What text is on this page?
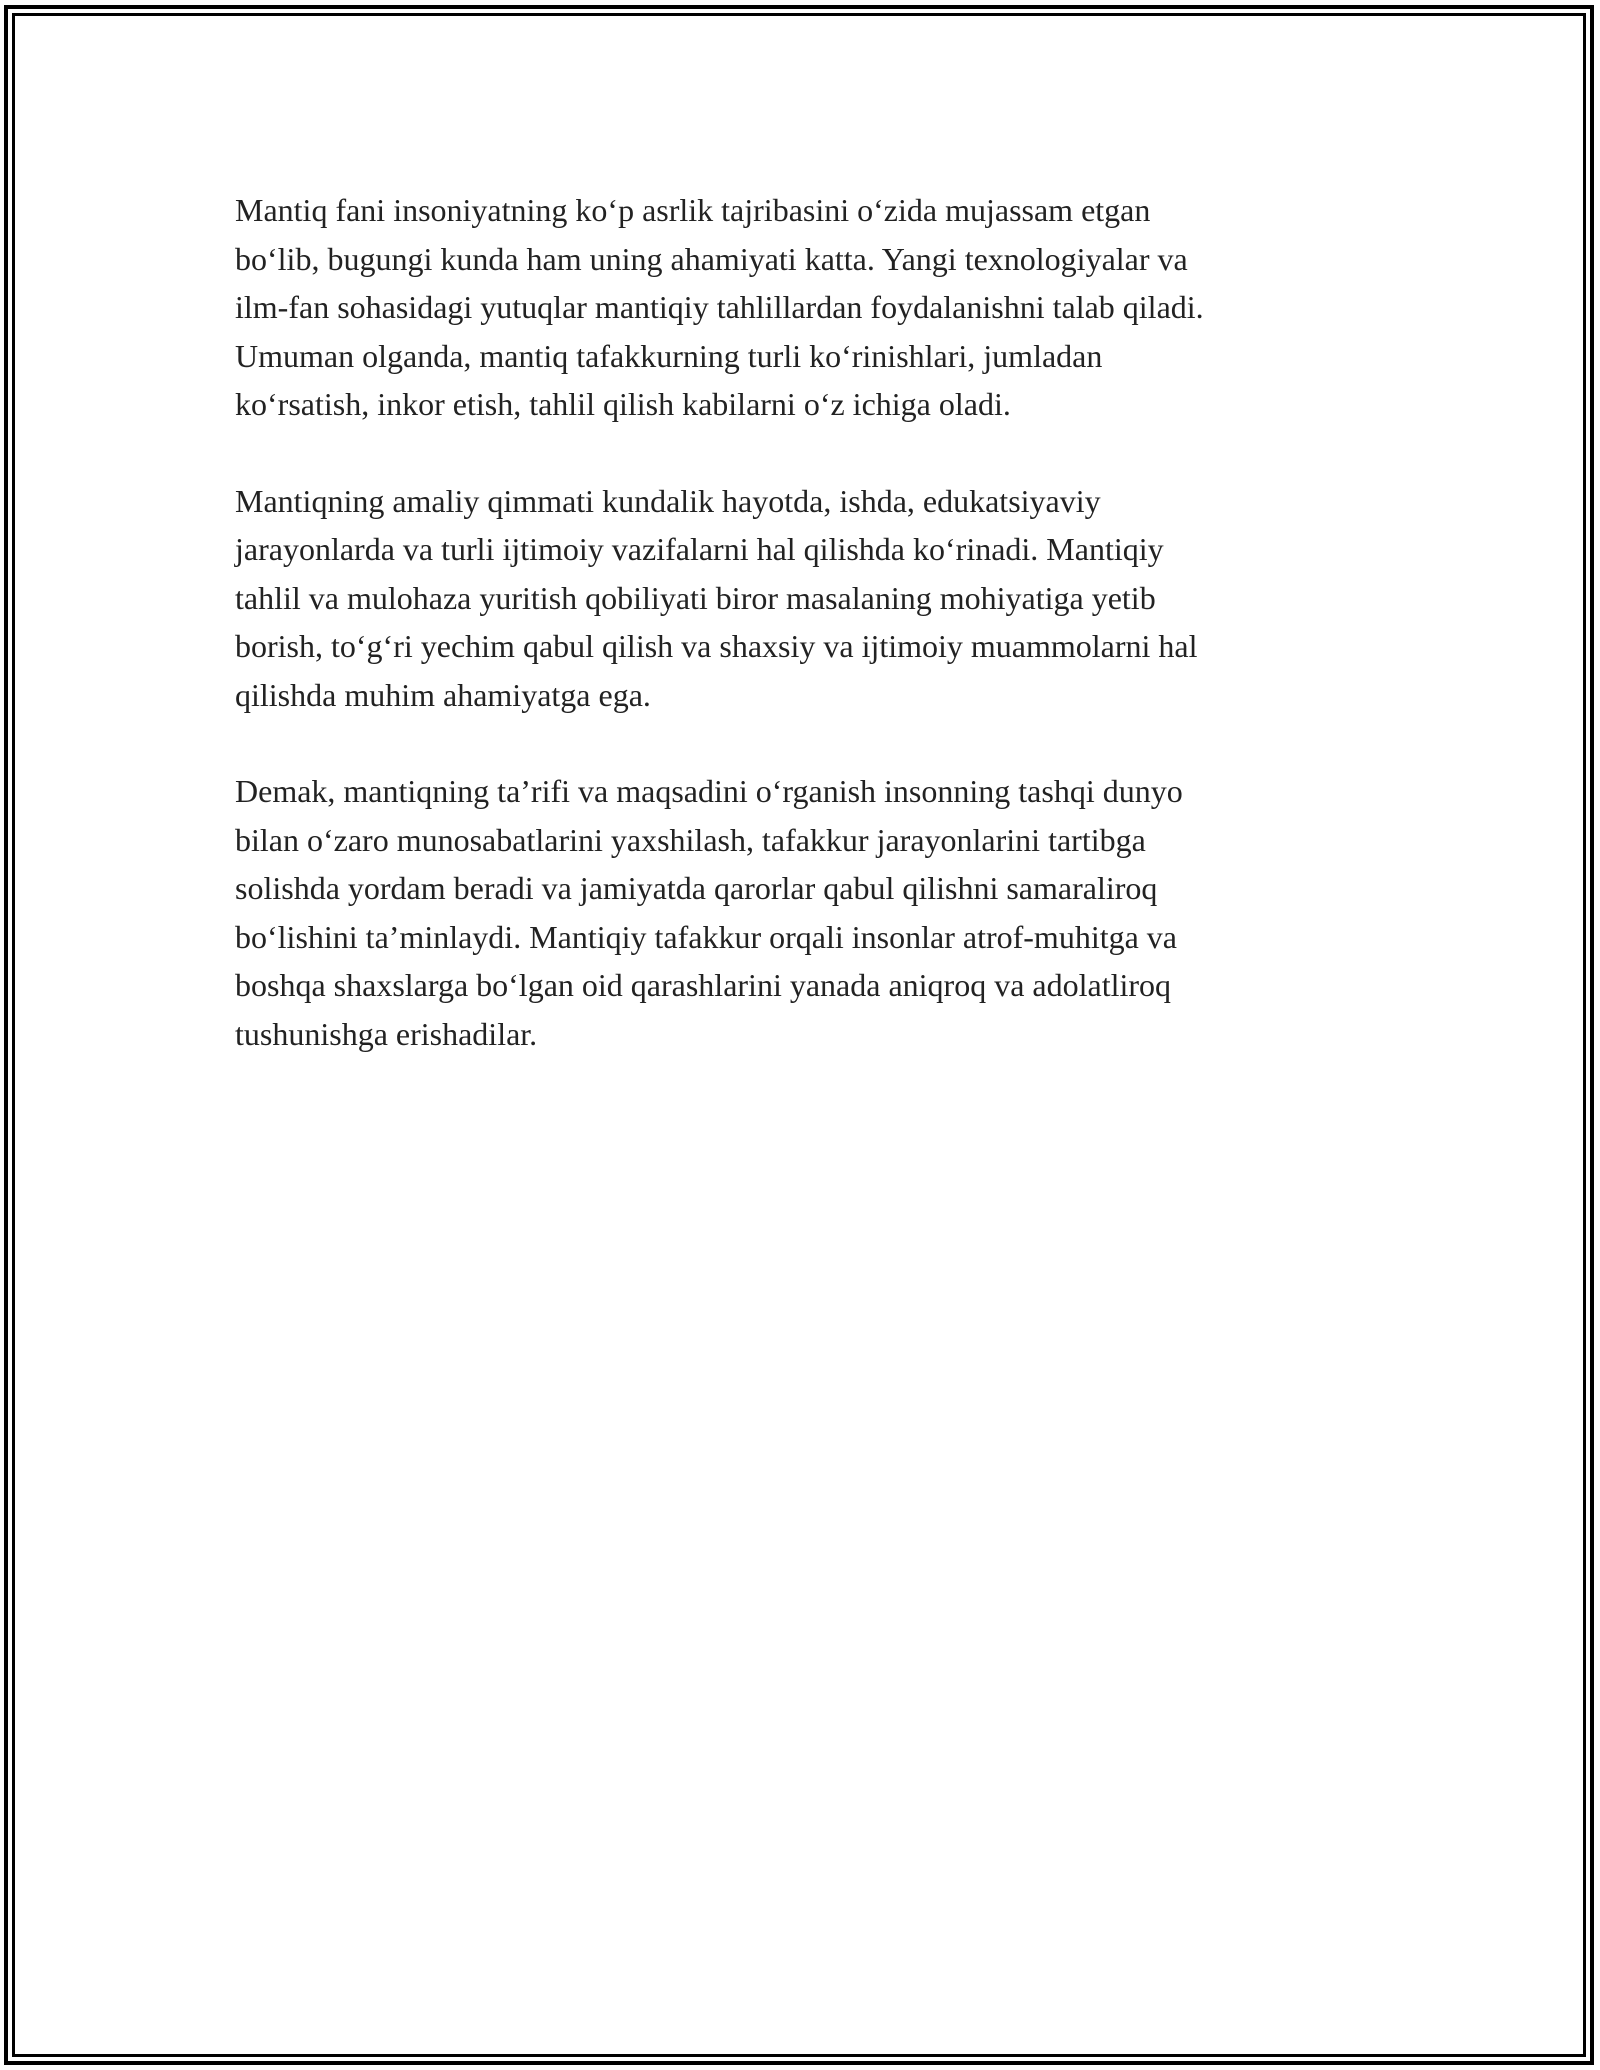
Mantiq fani insoniyatning ko‘p asrlik tajribasini o‘zida mujassam etgan
bo‘lib, bugungi kunda ham uning ahamiyati katta. Yangi texnologiyalar va
ilm-fan sohasidagi yutuqlar mantiqiy tahlillardan foydalanishni talab qiladi.
Umuman olganda, mantiq tafakkurning turli ko‘rinishlari, jumladan
ko‘rsatish, inkor etish, tahlil qilish kabilarni o‘z ichiga oladi.

Mantiqning amaliy qimmati kundalik hayotda, ishda, edukatsiyaviy
jarayonlarda va turli ijtimoiy vazifalarni hal qilishda ko‘rinadi. Mantiqiy
tahlil va mulohaza yuritish qobiliyati biror masalaning mohiyatiga yetib
borish, to‘g‘ri yechim qabul qilish va shaxsiy va ijtimoiy muammolarni hal
qilishda muhim ahamiyatga ega.

Demak, mantiqning ta’rifi va maqsadini o‘rganish insonning tashqi dunyo
bilan o‘zaro munosabatlarini yaxshilash, tafakkur jarayonlarini tartibga
solishda yordam beradi va jamiyatda qarorlar qabul qilishni samaraliroq
bo‘lishini ta’minlaydi. Mantiqiy tafakkur orqali insonlar atrof-muhitga va
boshqa shaxslarga bo‘lgan oid qarashlarini yanada aniqroq va adolatliroq
tushunishga erishadilar.
